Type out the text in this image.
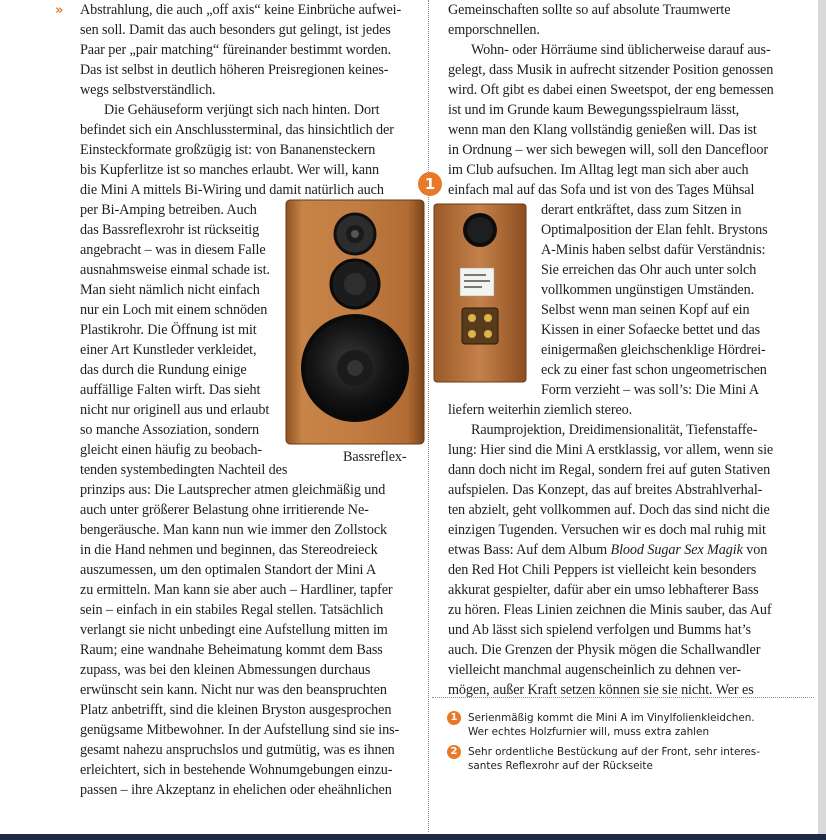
» Abstrahlung, die auch „off axis“ keine Einbrüche aufwei-
sen soll. Damit das auch besonders gut gelingt, ist jedes
Paar per „pair matching“ füreinander bestimmt worden.
Das ist selbst in deutlich höheren Preisregionen keines-
wegs selbstverständlich.
Die Gehäuseform verjüngt sich nach hinten. Dort
befindet sich ein Anschlussterminal, das hinsichtlich der
Einsteckformate großzügig ist: von Bananensteckern
bis Kupferlitze ist so manches erlaubt. Wer will, kann
die Mini A mittels Bi-Wiring und damit natürlich auch
per Bi-Amping betreiben. Auch
das Bassreflexrohr ist rückseitig
angebracht – was in diesem Falle
ausnahmsweise einmal schade ist.
Man sieht nämlich nicht einfach
nur ein Loch mit einem schnöden
Plastikrohr. Die Öffnung ist mit
einer Art Kunstleder verkleidet,
das durch die Rundung einige
auffällige Falten wirft. Das sieht
nicht nur originell aus und erlaubt
so manche Assoziation, sondern
gleicht einen häufig zu beobach-
tenden systembedingten Nachteil des
Bassreflex-
prinzips aus: Die Lautsprecher atmen gleichmäßig und
auch unter größerer Belastung ohne irritierende Ne-
bengeräusche. Man kann nun wie immer den Zollstock
in die Hand nehmen und beginnen, das Stereodreieck
auszumessen, um den optimalen Standort der Mini A
zu ermitteln. Man kann sie aber auch – Hardliner, tapfer
sein – einfach in ein stabiles Regal stellen. Tatsächlich
verlangt sie nicht unbedingt eine Aufstellung mitten im
Raum; eine wandnahe Beheimatung kommt dem Bass
zupass, was bei den kleinen Abmessungen durchaus
erwünscht sein kann. Nicht nur was den beanspruchten
Platz anbetrifft, sind die kleinen Bryston ausgesprochen
genügsame Mitbewohner. In der Aufstellung sind sie ins-
gesamt nahezu anspruchslos und gutmütig, was es ihnen
erleichtert, sich in bestehende Wohnumgebungen einzu-
passen – ihre Akzeptanz in ehelichen oder eheähnlichen
Gemeinschaften sollte so auf absolute Traumwerte
emporschnellen.
Wohn- oder Hörräume sind üblicherweise darauf aus-
gelegt, dass Musik in aufrecht sitzender Position genossen
wird. Oft gibt es dabei einen Sweetspot, der eng bemessen
ist und im Grunde kaum Bewegungsspielraum lässt,
wenn man den Klang vollständig genießen will. Das ist
in Ordnung – wer sich bewegen will, soll den Dancefloor
im Club aufsuchen. Im Alltag legt man sich aber auch
einfach mal auf das Sofa und ist von des Tages Mühsal
derart entkräftet, dass zum Sitzen in
Optimalposition der Elan fehlt. Brystons
A-Minis haben selbst dafür Verständnis:
Sie erreichen das Ohr auch unter solch
vollkommen ungünstigen Umständen.
Selbst wenn man seinen Kopf auf ein
Kissen in einer Sofaecke bettet und das
einigermaßen gleichschenklige Hördrei-
eck zu einer fast schon ungeometrischen
Form verzieht – was soll’s: Die Mini A
liefern weiterhin ziemlich stereo.
Raumprojektion, Dreidimensionalität, Tiefenstaffe-
lung: Hier sind die Mini A erstklassig, vor allem, wenn sie
dann doch nicht im Regal, sondern frei auf guten Stativen
aufspielen. Das Konzept, das auf breites Abstrahlverhal-
ten abzielt, geht vollkommen auf. Doch das sind nicht die
einzigen Tugenden. Versuchen wir es doch mal ruhig mit
etwas Bass: Auf dem Album Blood Sugar Sex Magik von
den Red Hot Chili Peppers ist vielleicht kein besonders
akkurat gespielter, dafür aber ein umso lebhafterer Bass
zu hören. Fleas Linien zeichnen die Minis sauber, das Auf
und Ab lässt sich spielend verfolgen und Bumms hat’s
auch. Die Grenzen der Physik mögen die Schallwandler
vielleicht manchmal augenscheinlich zu dehnen ver-
mögen, außer Kraft setzen können sie sie nicht. Wer es
1
1	Serienmäßig kommt die Mini A im Vinylfolienkleidchen.
Wer echtes Holzfurnier will, muss extra zahlen
2	Sehr ordentliche Bestückung auf der Front, sehr interes-
santes Reflexrohr auf der Rückseite
